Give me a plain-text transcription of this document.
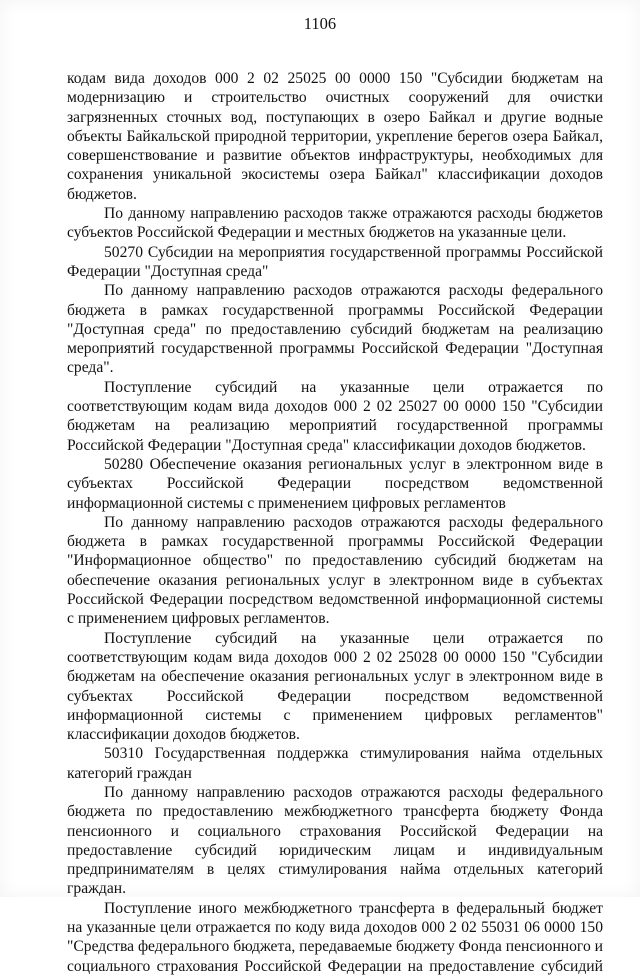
1106

кодам вида доходов 000 2 02 25025 00 0000 150 "Субсидии бюджетам на модернизацию и строительство очистных сооружений для очистки загрязненных сточных вод, поступающих в озеро Байкал и другие водные объекты Байкальской природной территории, укрепление берегов озера Байкал, совершенствование и развитие объектов инфраструктуры, необходимых для сохранения уникальной экосистемы озера Байкал" классификации доходов бюджетов.

По данному направлению расходов также отражаются расходы бюджетов субъектов Российской Федерации и местных бюджетов на указанные цели.

50270 Субсидии на мероприятия государственной программы Российской Федерации "Доступная среда"

По данному направлению расходов отражаются расходы федерального бюджета в рамках государственной программы Российской Федерации "Доступная среда" по предоставлению субсидий бюджетам на реализацию мероприятий государственной программы Российской Федерации "Доступная среда".

Поступление субсидий на указанные цели отражается по соответствующим кодам вида доходов 000 2 02 25027 00 0000 150 "Субсидии бюджетам на реализацию мероприятий государственной программы Российской Федерации "Доступная среда" классификации доходов бюджетов.

50280 Обеспечение оказания региональных услуг в электронном виде в субъектах Российской Федерации посредством ведомственной информационной системы с применением цифровых регламентов

По данному направлению расходов отражаются расходы федерального бюджета в рамках государственной программы Российской Федерации "Информационное общество" по предоставлению субсидий бюджетам на обеспечение оказания региональных услуг в электронном виде в субъектах Российской Федерации посредством ведомственной информационной системы с применением цифровых регламентов.

Поступление субсидий на указанные цели отражается по соответствующим кодам вида доходов 000 2 02 25028 00 0000 150 "Субсидии бюджетам на обеспечение оказания региональных услуг в электронном виде в субъектах Российской Федерации посредством ведомственной информационной системы с применением цифровых регламентов" классификации доходов бюджетов.

50310 Государственная поддержка стимулирования найма отдельных категорий граждан

По данному направлению расходов отражаются расходы федерального бюджета по предоставлению межбюджетного трансферта бюджету Фонда пенсионного и социального страхования Российской Федерации на предоставление субсидий юридическим лицам и индивидуальным предпринимателям в целях стимулирования найма отдельных категорий граждан.

Поступление иного межбюджетного трансферта в федеральный бюджет на указанные цели отражается по коду вида доходов 000 2 02 55031 06 0000 150 "Средства федерального бюджета, передаваемые бюджету Фонда пенсионного и социального страхования Российской Федерации на предоставление субсидий
